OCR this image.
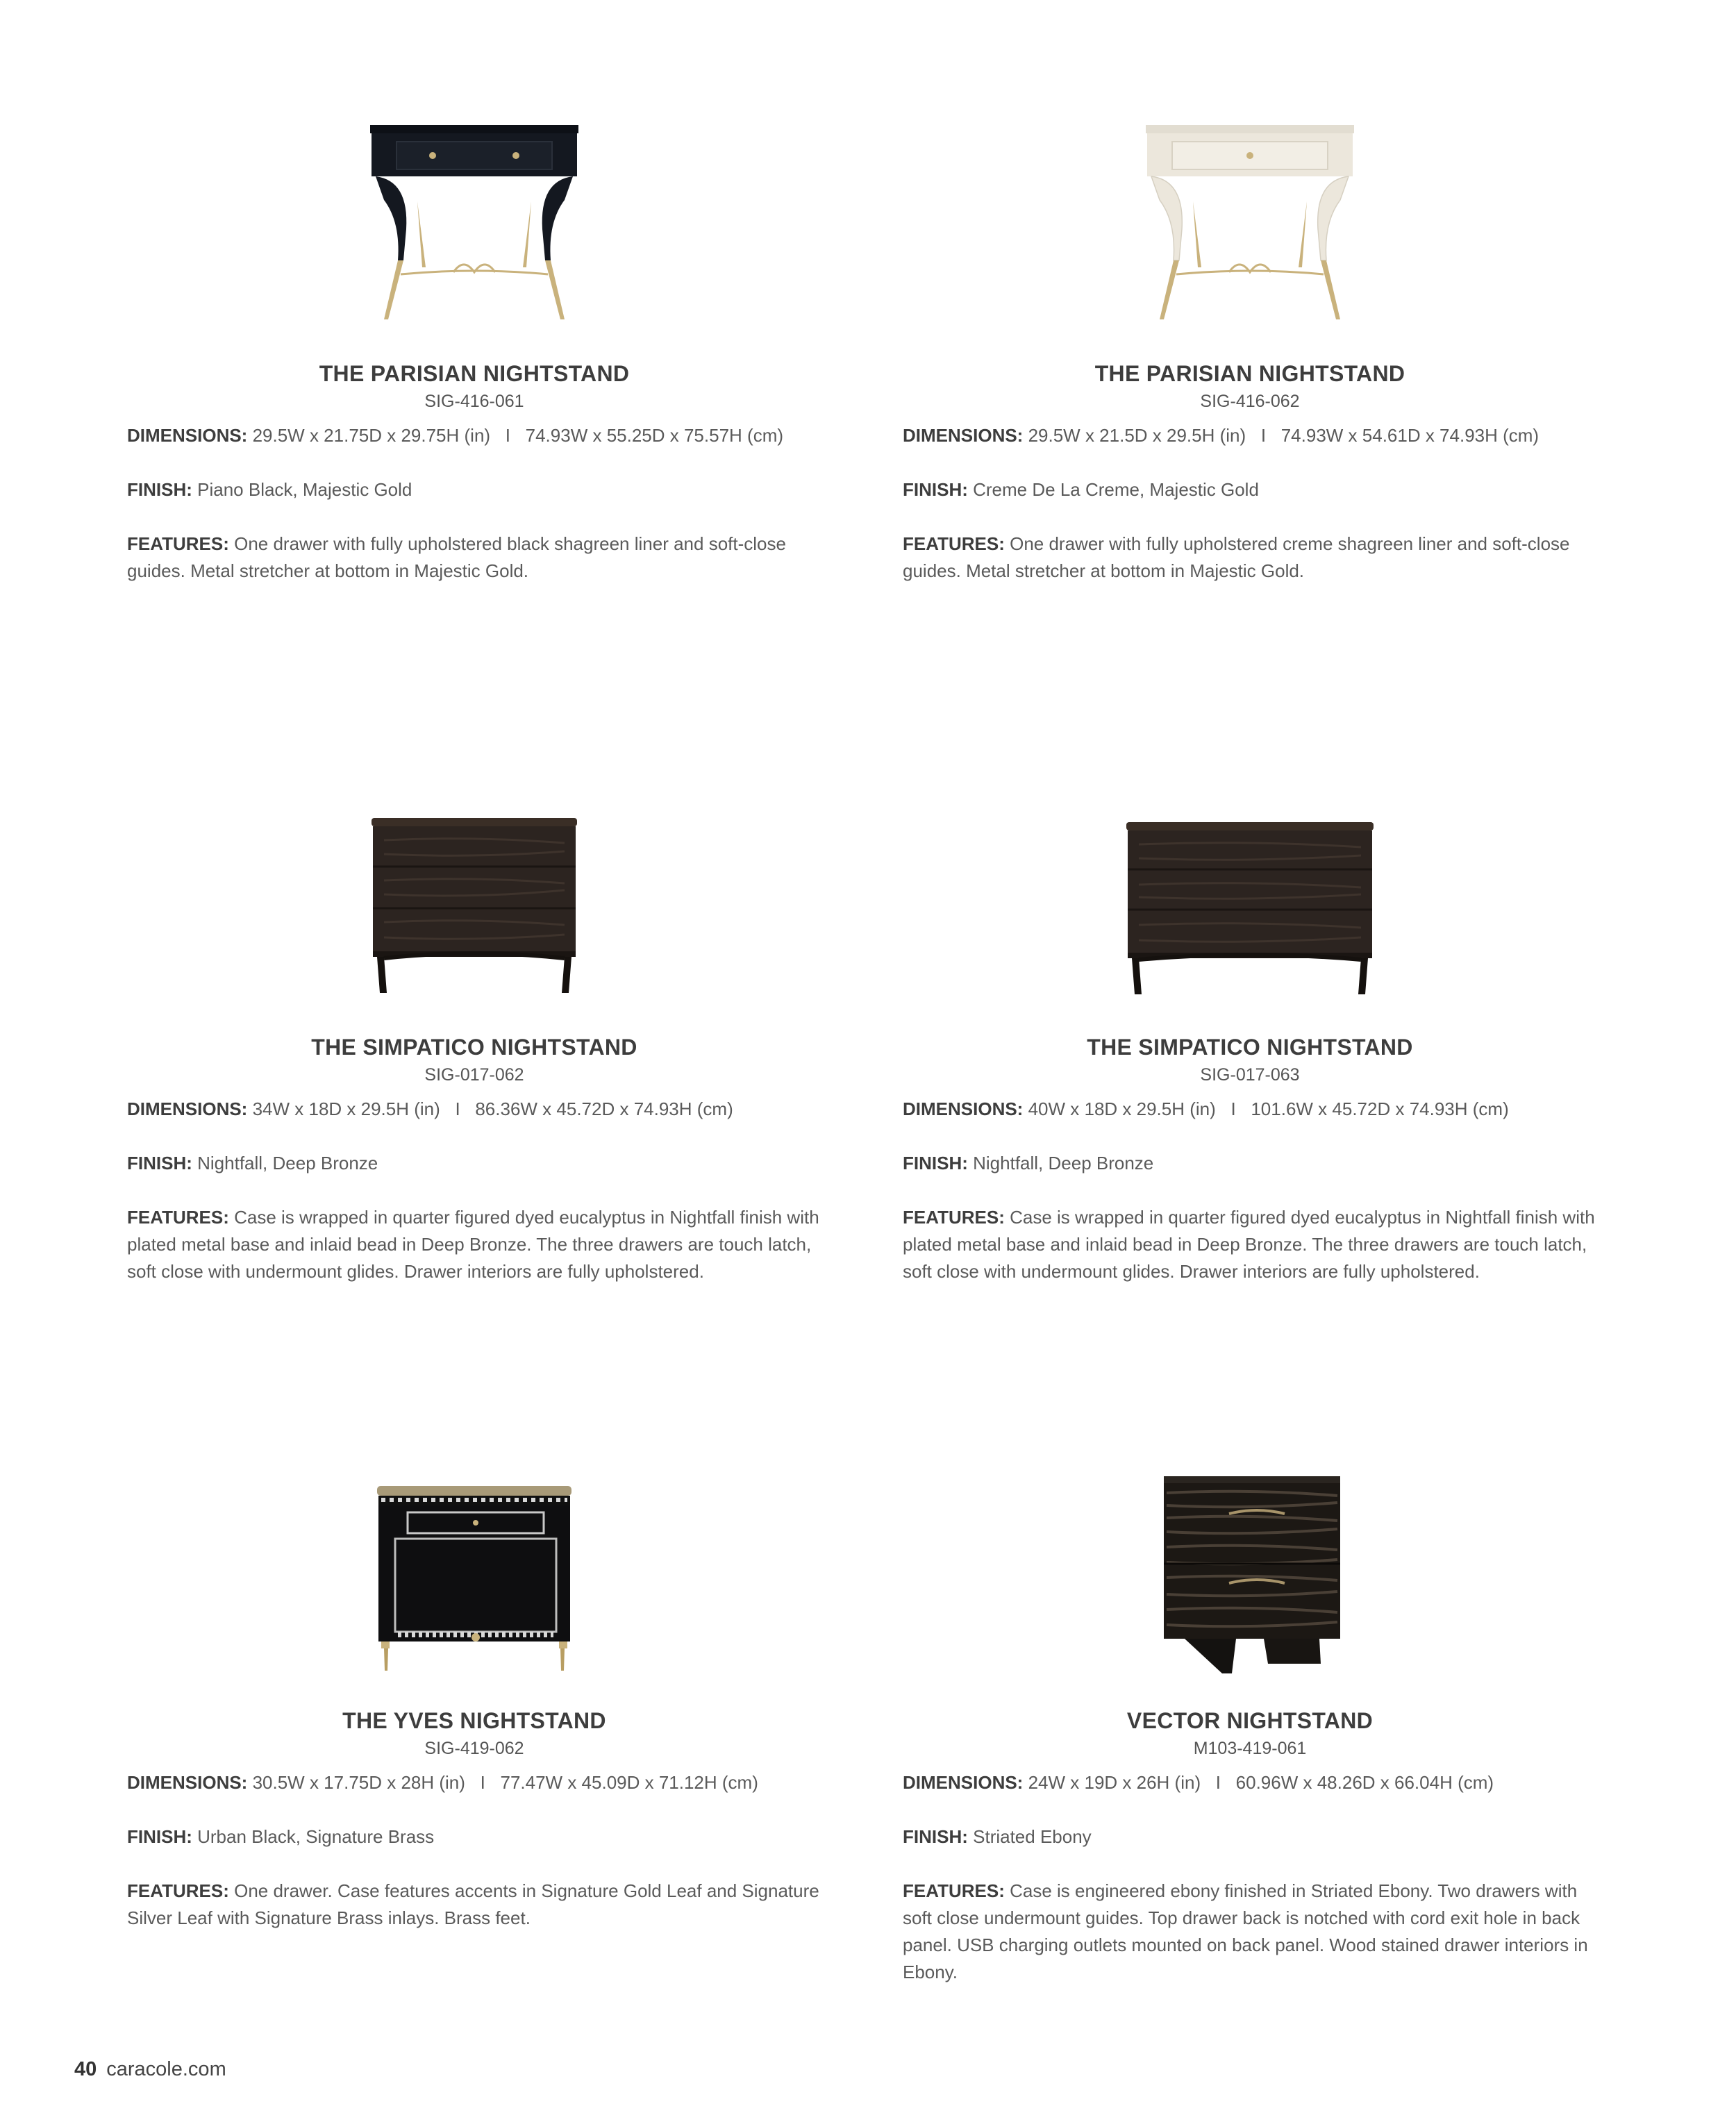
THE PARISIAN NIGHTSTAND
SIG-416-061
DIMENSIONS: 29.5W x 21.75D x 29.75H (in)   I   74.93W x 55.25D x 75.57H (cm)
FINISH: Piano Black, Majestic Gold
FEATURES: One drawer with fully upholstered black shagreen liner and soft-close guides. Metal stretcher at bottom in Majestic Gold.
THE PARISIAN NIGHTSTAND
SIG-416-062
DIMENSIONS: 29.5W x 21.5D x 29.5H (in)   I   74.93W x 54.61D x 74.93H (cm)
FINISH: Creme De La Creme, Majestic Gold
FEATURES: One drawer with fully upholstered creme shagreen liner and soft-close guides. Metal stretcher at bottom in Majestic Gold.
THE SIMPATICO NIGHTSTAND
SIG-017-062
DIMENSIONS: 34W x 18D x 29.5H (in)   I   86.36W x 45.72D x 74.93H (cm)
FINISH: Nightfall, Deep Bronze
FEATURES: Case is wrapped in quarter figured dyed eucalyptus in Nightfall finish with plated metal base and inlaid bead in Deep Bronze. The three drawers are touch latch, soft close with undermount glides. Drawer interiors are fully upholstered.
THE SIMPATICO NIGHTSTAND
SIG-017-063
DIMENSIONS: 40W x 18D x 29.5H (in)   I   101.6W x 45.72D x 74.93H (cm)
FINISH: Nightfall, Deep Bronze
FEATURES: Case is wrapped in quarter figured dyed eucalyptus in Nightfall finish with plated metal base and inlaid bead in Deep Bronze. The three drawers are touch latch, soft close with undermount glides. Drawer interiors are fully upholstered.
THE YVES NIGHTSTAND
SIG-419-062
DIMENSIONS: 30.5W x 17.75D x 28H (in)   I   77.47W x 45.09D x 71.12H (cm)
FINISH: Urban Black, Signature Brass
FEATURES: One drawer. Case features accents in Signature Gold Leaf and Signature Silver Leaf with Signature Brass inlays. Brass feet.
VECTOR NIGHTSTAND
M103-419-061
DIMENSIONS: 24W x 19D x 26H (in)   I   60.96W x 48.26D x 66.04H (cm)
FINISH: Striated Ebony
FEATURES: Case is engineered ebony finished in Striated Ebony. Two drawers with soft close undermount guides. Top drawer back is notched with cord exit hole in back panel. USB charging outlets mounted on back panel. Wood stained drawer interiors in Ebony.
40 caracole.com
